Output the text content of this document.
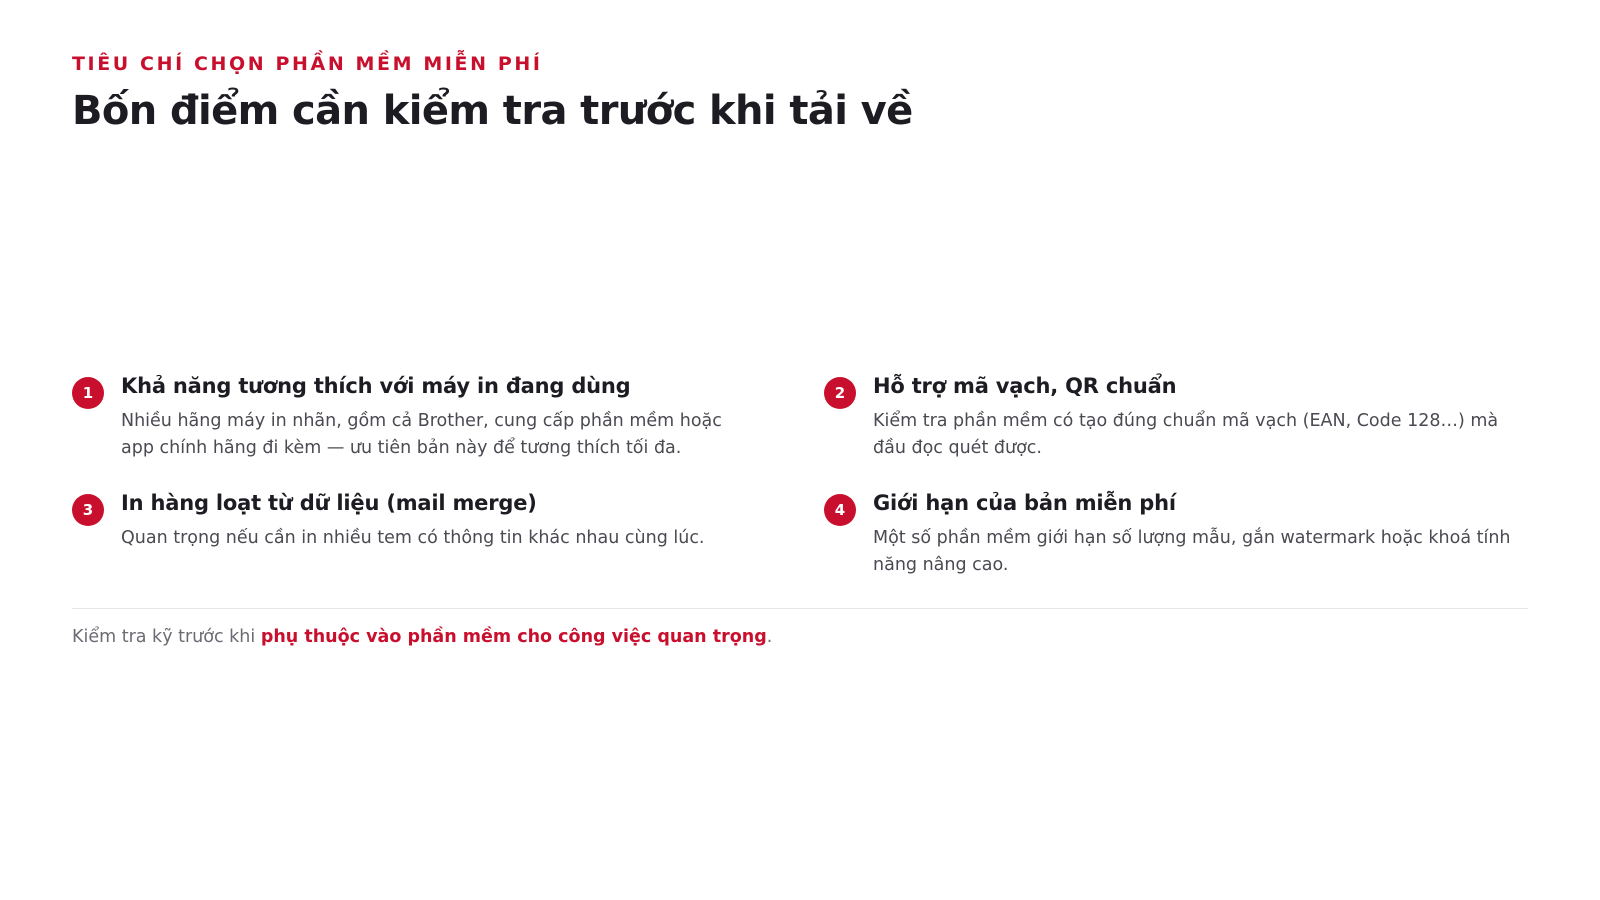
TIÊU CHÍ CHỌN PHẦN MỀM MIỄN PHÍ
Bốn điểm cần kiểm tra trước khi tải về
1	Khả năng tương thích với máy in đang dùng
Nhiều hãng máy in nhãn, gồm cả Brother, cung cấp phần mềm hoặc app chính hãng đi kèm — ưu tiên bản này để tương thích tối đa.
2	Hỗ trợ mã vạch, QR chuẩn
Kiểm tra phần mềm có tạo đúng chuẩn mã vạch (EAN, Code 128…) mà đầu đọc quét được.
3	In hàng loạt từ dữ liệu (mail merge)
Quan trọng nếu cần in nhiều tem có thông tin khác nhau cùng lúc.
4	Giới hạn của bản miễn phí
Một số phần mềm giới hạn số lượng mẫu, gắn watermark hoặc khoá tính năng nâng cao.
Kiểm tra kỹ trước khi phụ thuộc vào phần mềm cho công việc quan trọng.
